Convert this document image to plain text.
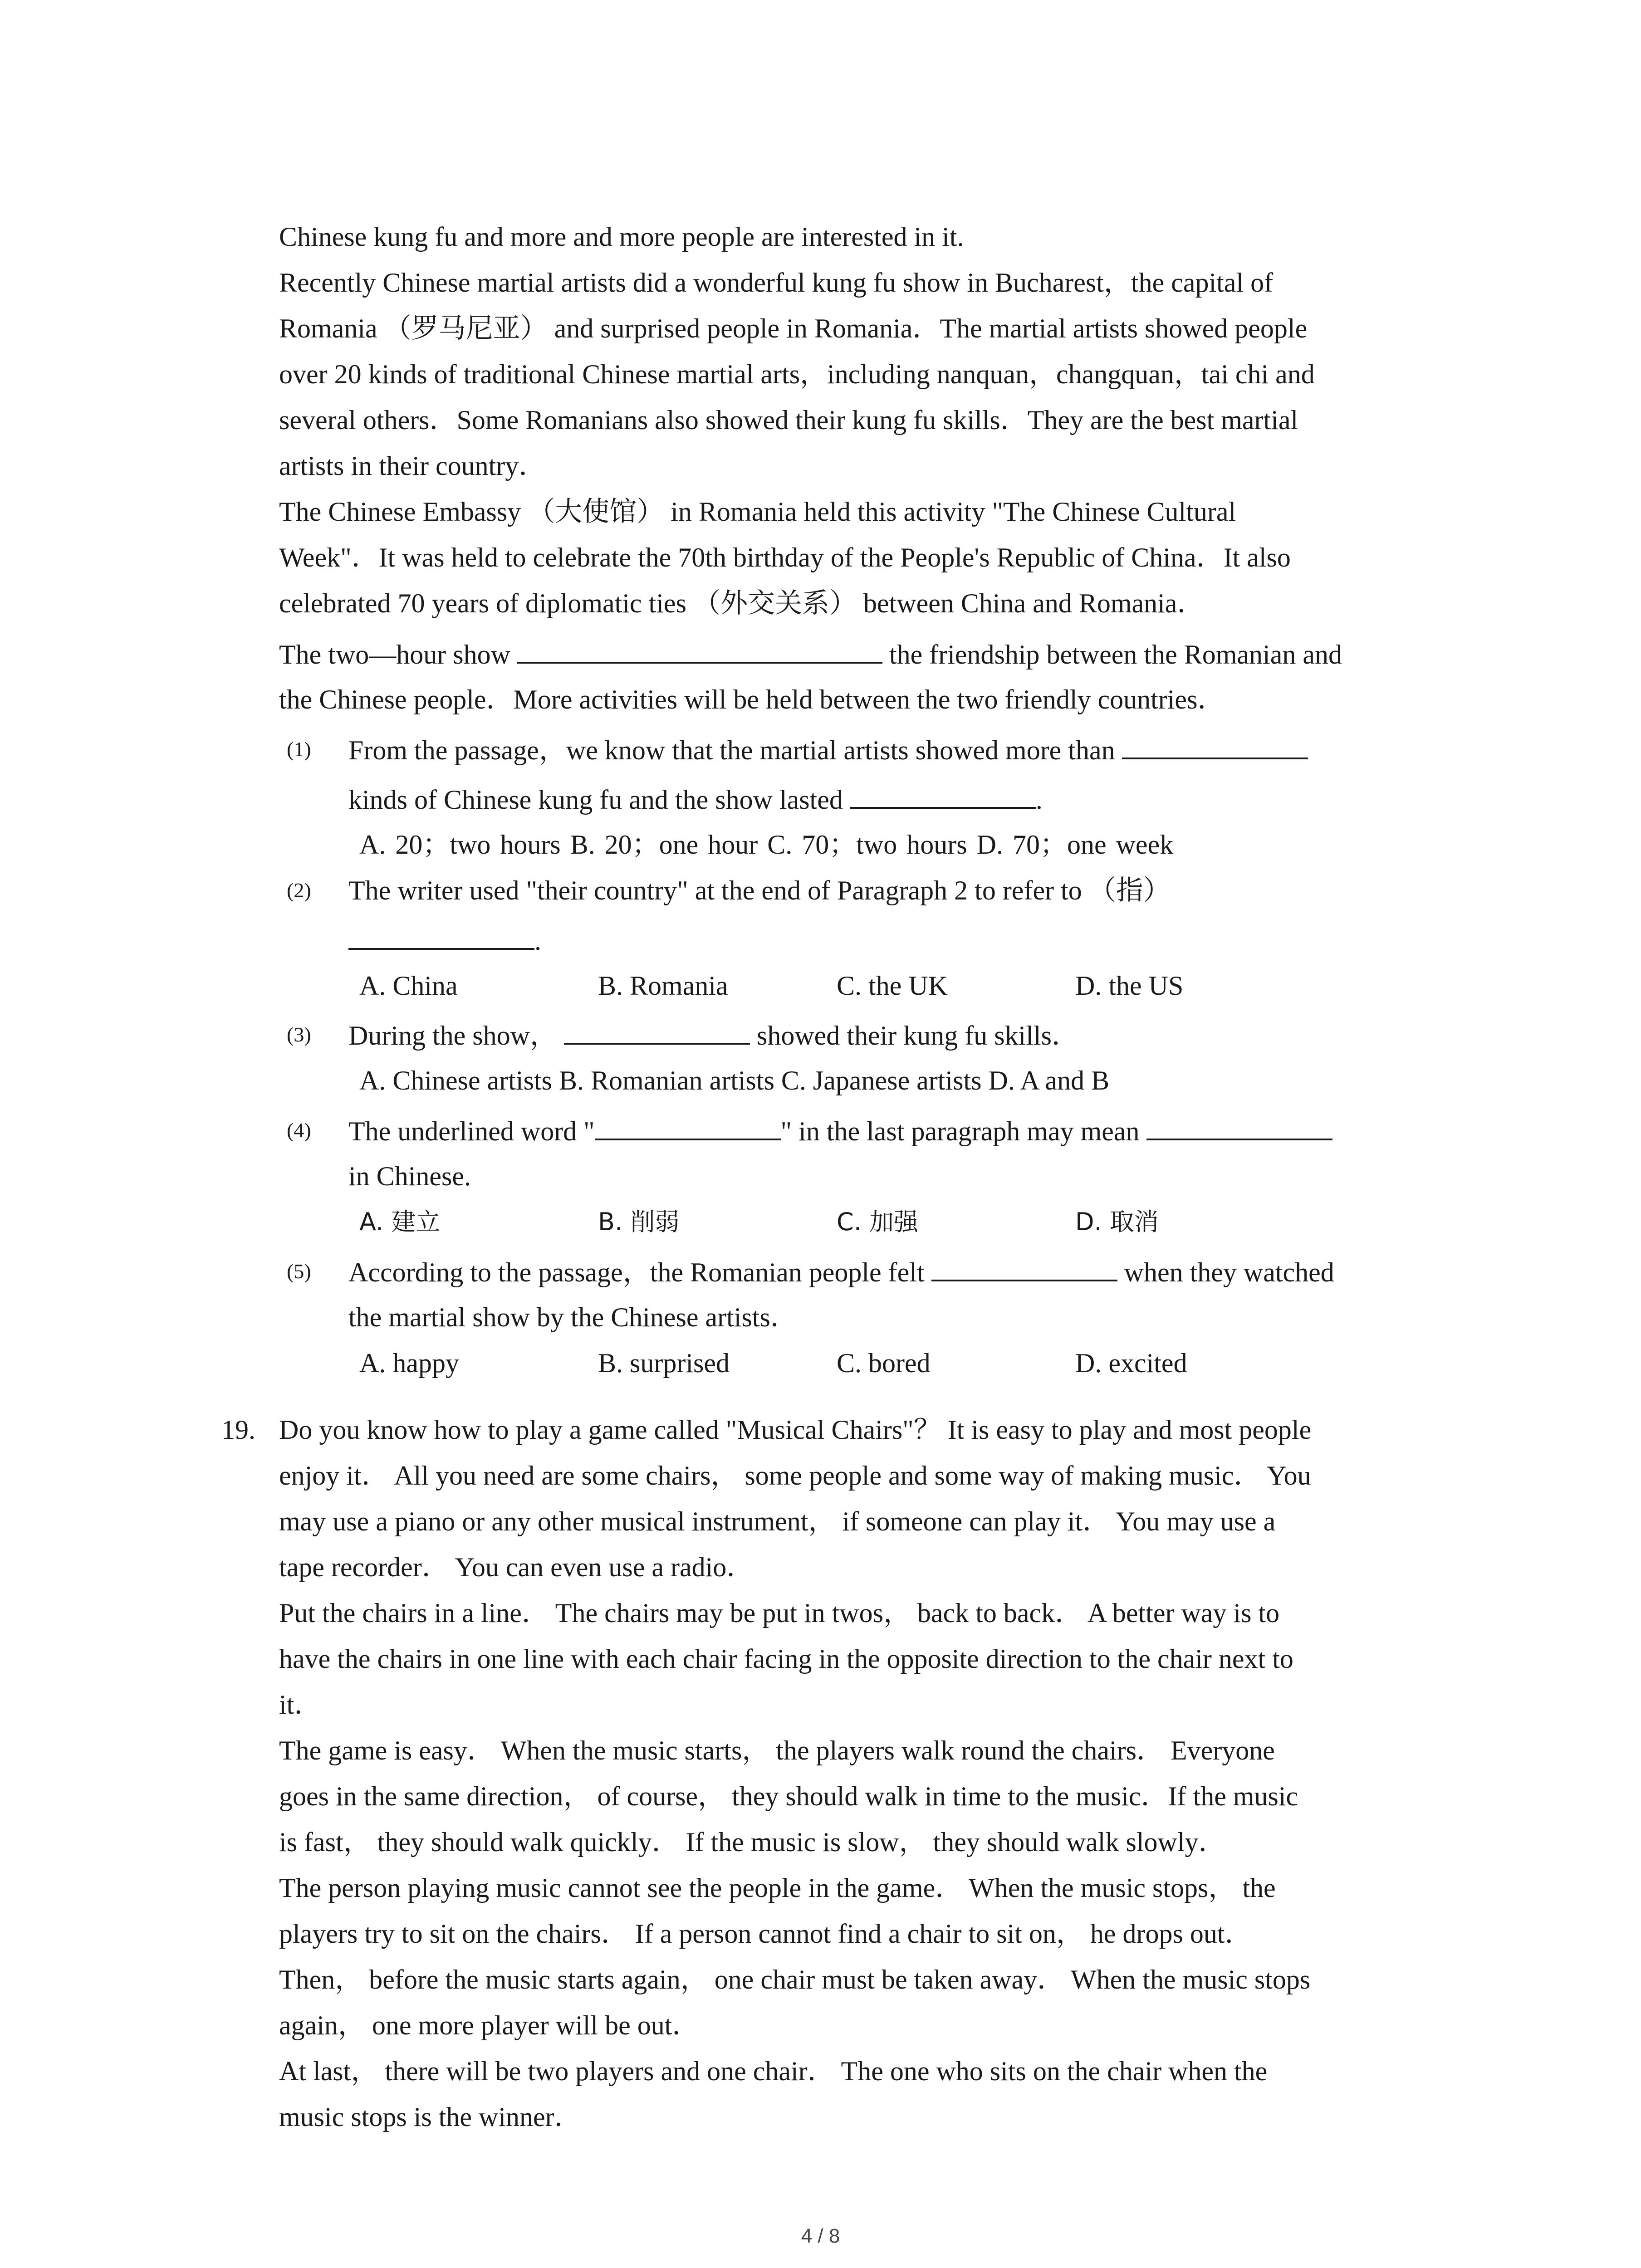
Chinese kung fu and more and more people are interested in it.
Recently Chinese martial artists did a wonderful kung fu show in Bucharest，the capital of
Romania （罗马尼亚） and surprised people in Romania．The martial artists showed people
over 20 kinds of traditional Chinese martial arts，including nanquan，changquan，tai chi and
several others．Some Romanians also showed their kung fu skills．They are the best martial
artists in their country．
The Chinese Embassy （大使馆） in Romania held this activity "The Chinese Cultural
Week"．It was held to celebrate the 70th birthday of the People's Republic of China．It also
celebrated 70 years of diplomatic ties （外交关系） between China and Romania．
The two—hour show	the friendship between the Romanian and
the Chinese people．More activities will be held between the two friendly countries．
(1) From the passage，we know that the martial artists showed more than
kinds of Chinese kung fu and the show lasted	.
A. 20；two hours B. 20；one hour C. 70；two hours D. 70；one week
(2) The writer used "their country" at the end of Paragraph 2 to refer to （指）
.
A. China	B. Romania	C. the UK	D. the US
(3) During the show，	showed their kung fu skills．
A. Chinese artists B. Romanian artists C. Japanese artists D. A and B
(4) The underlined word "	" in the last paragraph may mean
in Chinese.
A. 建立	B. 削弱	C. 加强	D. 取消
(5) According to the passage，the Romanian people felt	when they watched
the martial show by the Chinese artists．
A. happy	B. surprised	C. bored	D. excited
19. Do you know how to play a game called "Musical Chairs"？ It is easy to play and most people
enjoy it． All you need are some chairs， some people and some way of making music． You
may use a piano or any other musical instrument， if someone can play it． You may use a
tape recorder． You can even use a radio．
Put the chairs in a line． The chairs may be put in twos， back to back． A better way is to
have the chairs in one line with each chair facing in the opposite direction to the chair next to
it．
The game is easy． When the music starts， the players walk round the chairs． Everyone
goes in the same direction， of course， they should walk in time to the music．If the music
is fast， they should walk quickly． If the music is slow， they should walk slowly．
The person playing music cannot see the people in the game． When the music stops， the
players try to sit on the chairs． If a person cannot find a chair to sit on， he drops out．
Then， before the music starts again， one chair must be taken away． When the music stops
again， one more player will be out．
At last， there will be two players and one chair． The one who sits on the chair when the
music stops is the winner．
4 / 8
